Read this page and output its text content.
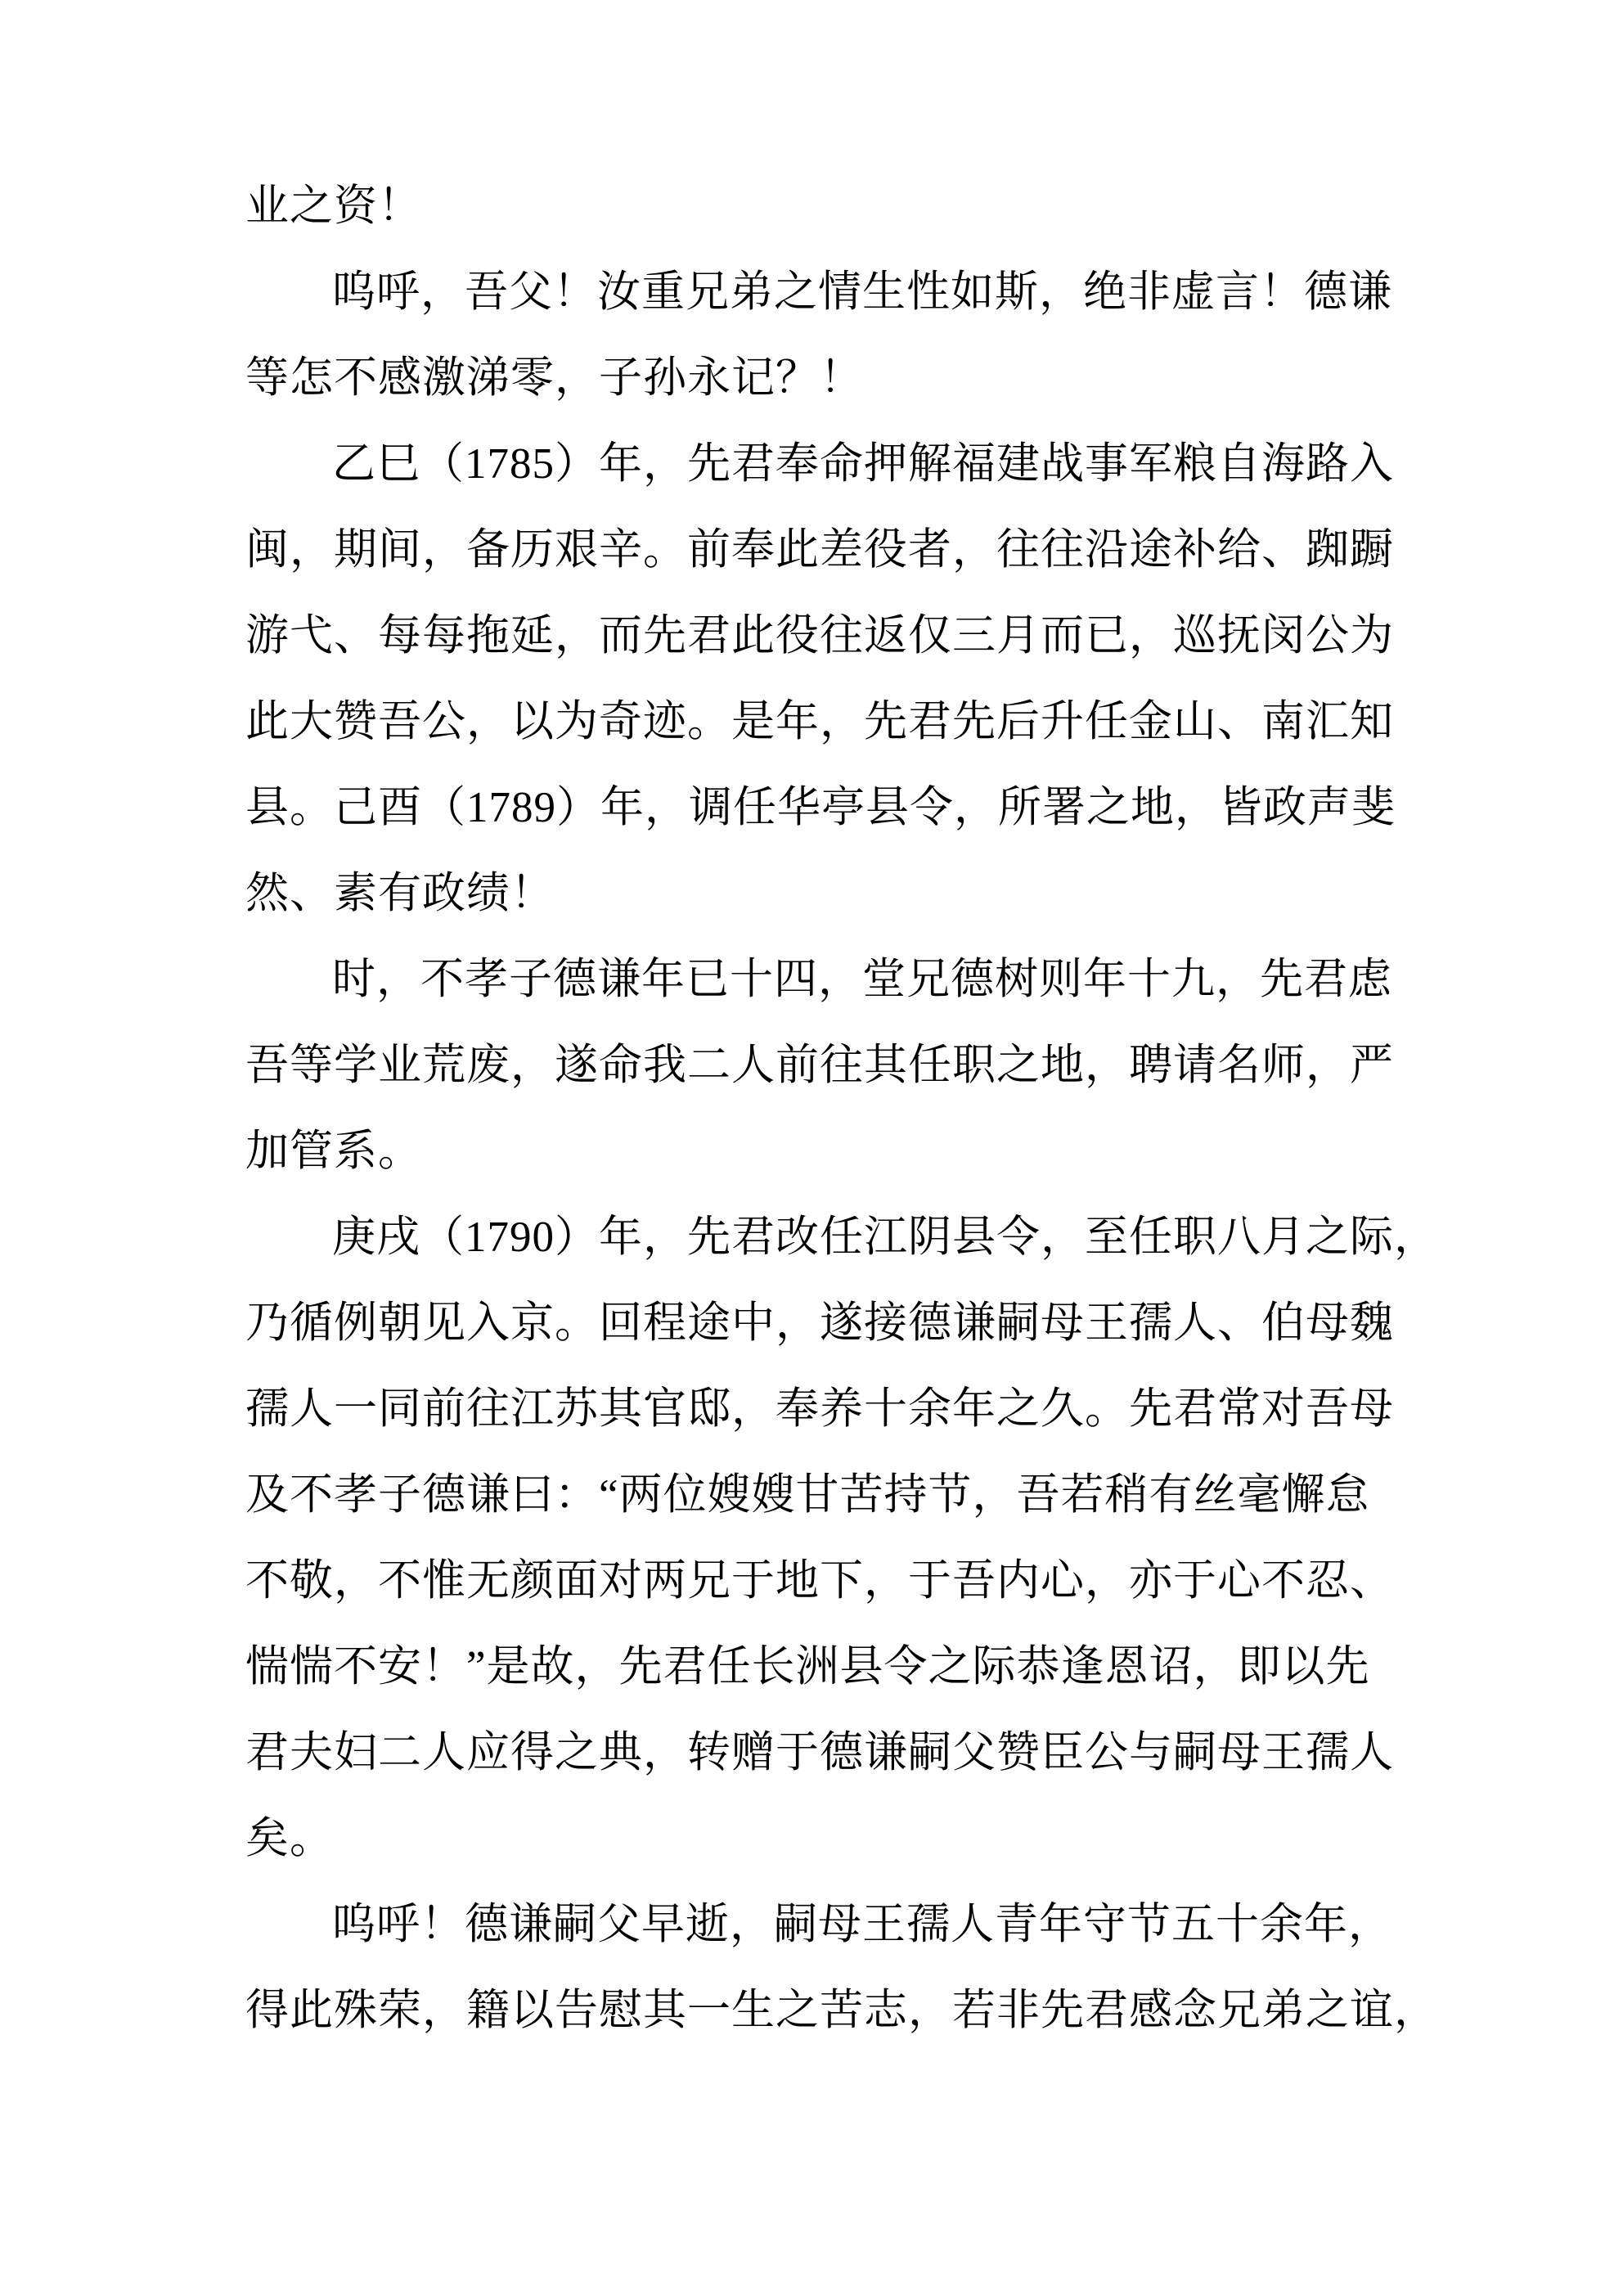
业之资！
呜呼，吾父！汝重兄弟之情生性如斯，绝非虚言！德谦
等怎不感激涕零，子孙永记？！
乙巳（1785）年，先君奉命押解福建战事军粮自海路入
闽，期间，备历艰辛。前奉此差役者，往往沿途补给、踟蹰
游弋、每每拖延，而先君此役往返仅三月而已，巡抚闵公为
此大赞吾公，以为奇迹。是年，先君先后升任金山、南汇知
县。己酉（1789）年，调任华亭县令，所署之地，皆政声斐
然、素有政绩！
时，不孝子德谦年已十四，堂兄德树则年十九，先君虑
吾等学业荒废，遂命我二人前往其任职之地，聘请名师，严
加管系。
庚戌（1790）年，先君改任江阴县令，至任职八月之际，
乃循例朝见入京。回程途中，遂接德谦嗣母王孺人、伯母魏
孺人一同前往江苏其官邸，奉养十余年之久。先君常对吾母
及不孝子德谦曰：“两位嫂嫂甘苦持节，吾若稍有丝毫懈怠
不敬，不惟无颜面对两兄于地下，于吾内心，亦于心不忍、
惴惴不安！”是故，先君任长洲县令之际恭逢恩诏，即以先
君夫妇二人应得之典，转赠于德谦嗣父赞臣公与嗣母王孺人
矣。
呜呼！德谦嗣父早逝，嗣母王孺人青年守节五十余年，
得此殊荣，籍以告慰其一生之苦志，若非先君感念兄弟之谊，
